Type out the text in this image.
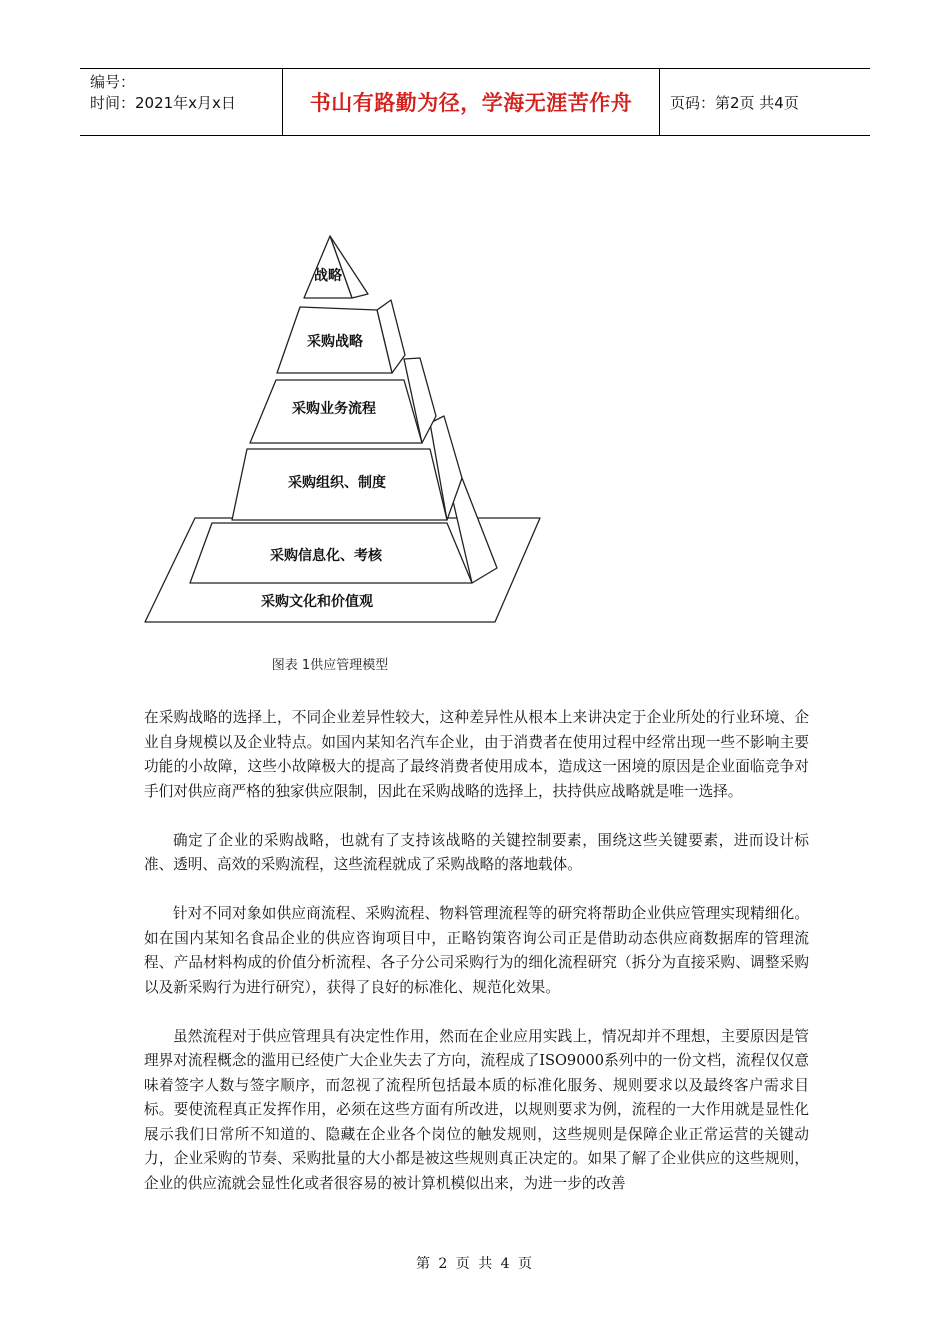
编号：
时间：2021年x月x日	书山有路勤为径，学海无涯苦作舟	页码：第2页 共4页
战略
采购战略
采购业务流程
采购组织、制度
采购信息化、考核
采购文化和价值观
图表 1供应管理模型

在采购战略的选择上，不同企业差异性较大，这种差异性从根本上来讲决定于企业所处的行业环境、企业自身规模以及企业特点。如国内某知名汽车企业，由于消费者在使用过程中经常出现一些不影响主要功能的小故障，这些小故障极大的提高了最终消费者使用成本，造成这一困境的原因是企业面临竞争对手们对供应商严格的独家供应限制，因此在采购战略的选择上，扶持供应战略就是唯一选择。

确定了企业的采购战略，也就有了支持该战略的关键控制要素，围绕这些关键要素，进而设计标准、透明、高效的采购流程，这些流程就成了采购战略的落地载体。

针对不同对象如供应商流程、采购流程、物料管理流程等的研究将帮助企业供应管理实现精细化。如在国内某知名食品企业的供应咨询项目中，正略钧策咨询公司正是借助动态供应商数据库的管理流程、产品材料构成的价值分析流程、各子分公司采购行为的细化流程研究（拆分为直接采购、调整采购以及新采购行为进行研究），获得了良好的标准化、规范化效果。

虽然流程对于供应管理具有决定性作用，然而在企业应用实践上，情况却并不理想，主要原因是管理界对流程概念的滥用已经使广大企业失去了方向，流程成了ISO9000系列中的一份文档，流程仅仅意味着签字人数与签字顺序，而忽视了流程所包括最本质的标准化服务、规则要求以及最终客户需求目标。要使流程真正发挥作用，必须在这些方面有所改进，以规则要求为例，流程的一大作用就是显性化展示我们日常所不知道的、隐藏在企业各个岗位的触发规则，这些规则是保障企业正常运营的关键动力，企业采购的节奏、采购批量的大小都是被这些规则真正决定的。如果了解了企业供应的这些规则，企业的供应流就会显性化或者很容易的被计算机模似出来，为进一步的改善

第 2 页 共 4 页
